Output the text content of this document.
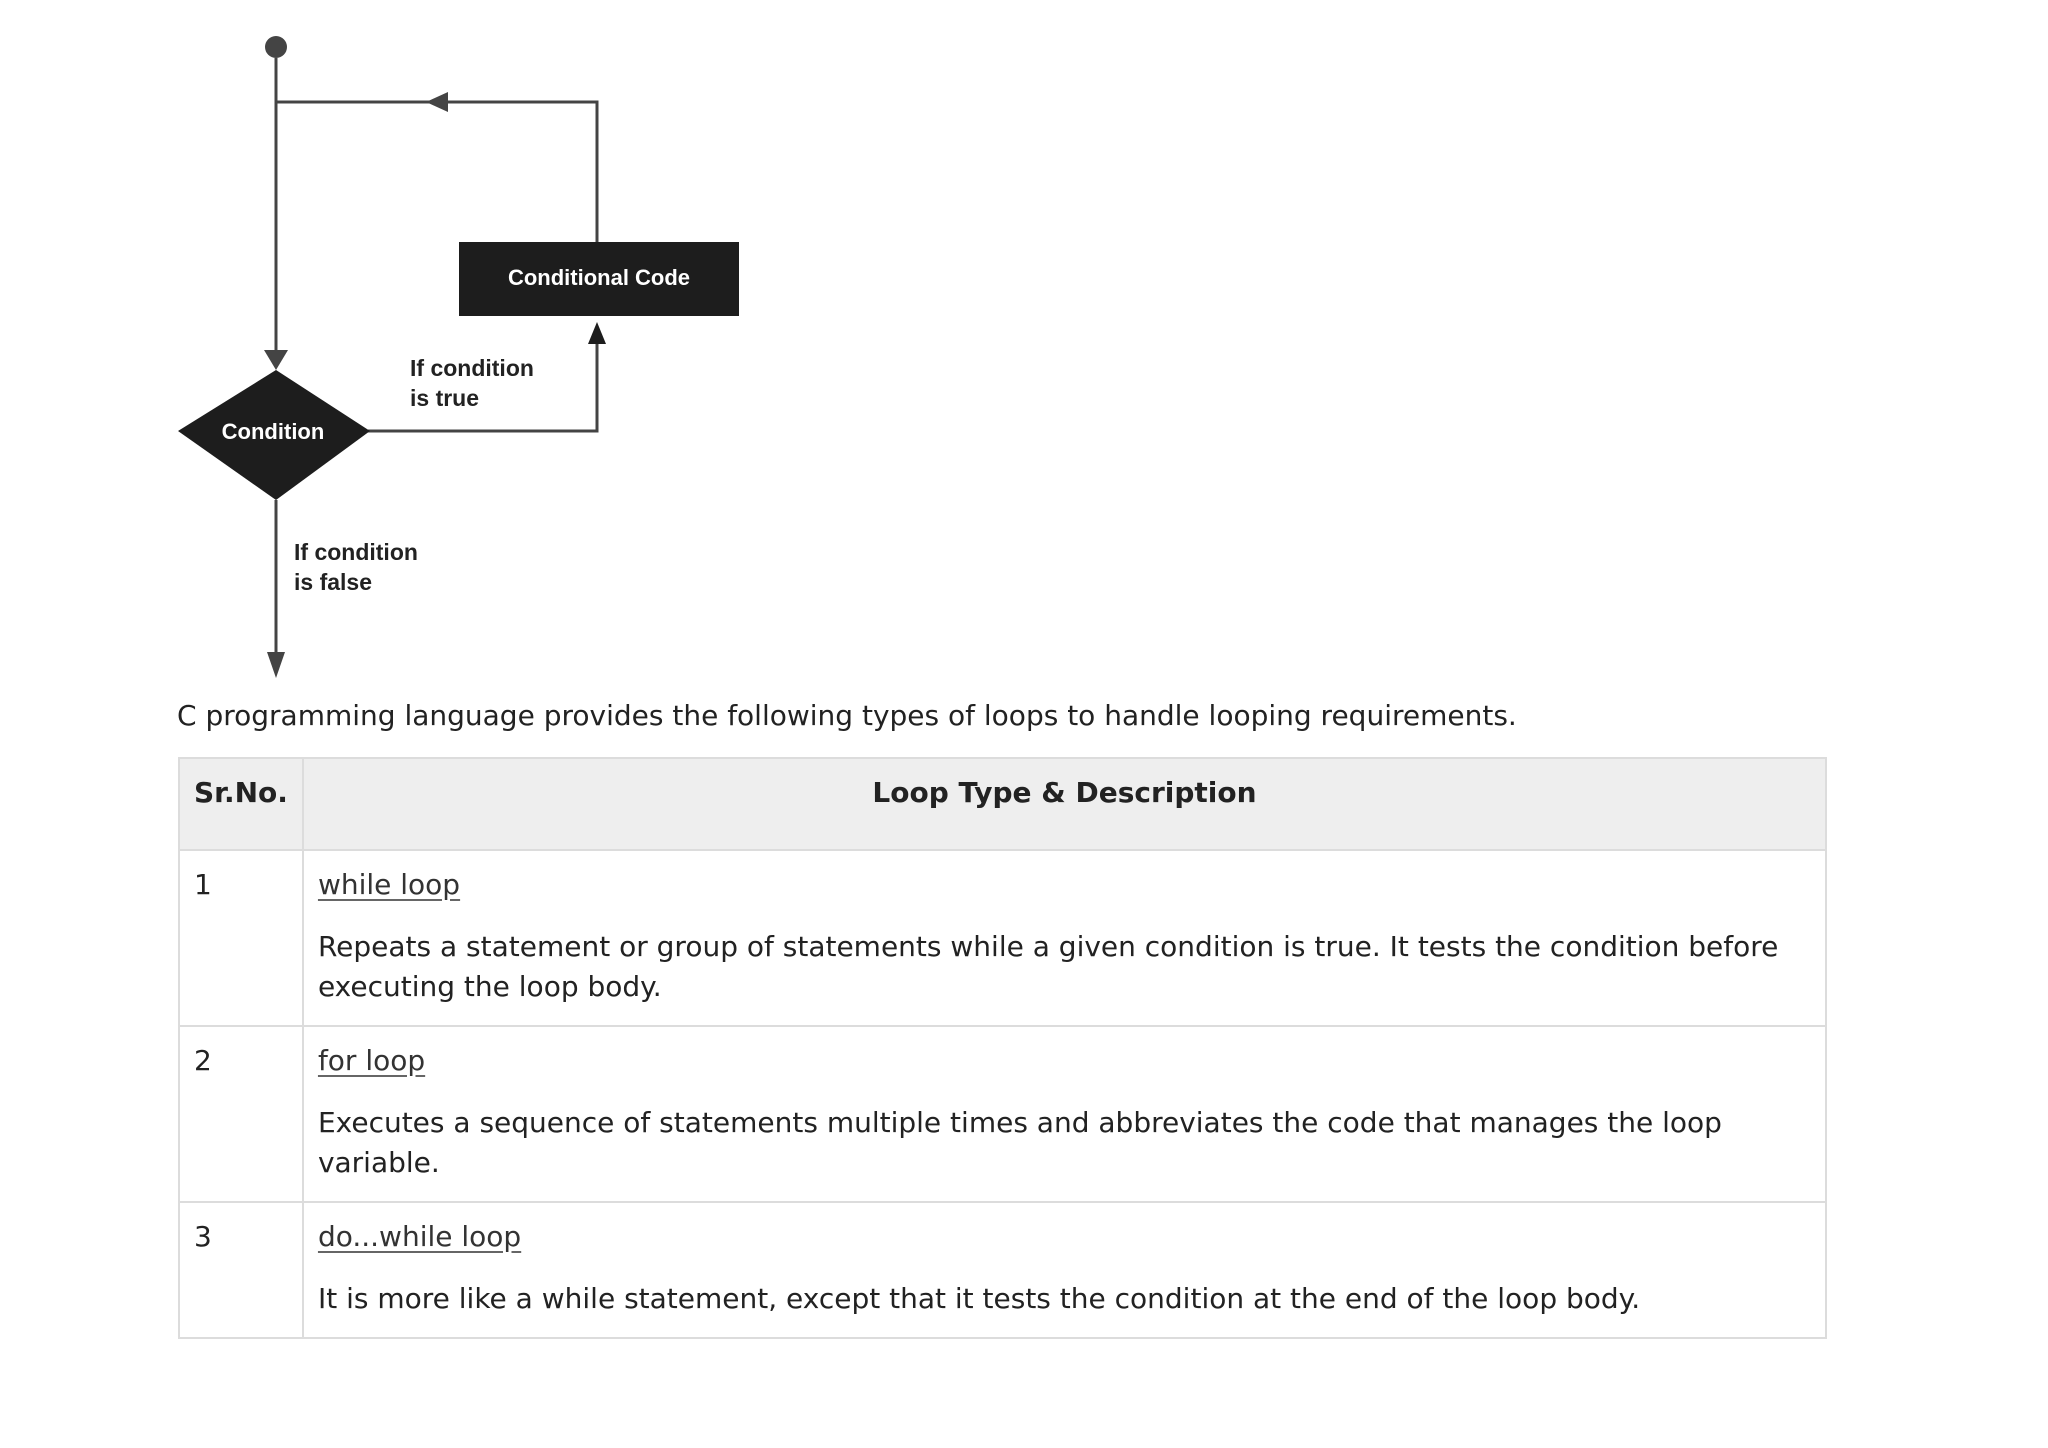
Conditional Code
If condition
is true
Condition
If condition
is false

C programming language provides the following types of loops to handle looping requirements.

Sr.No.	Loop Type & Description
1	while loop

Repeats a statement or group of statements while a given condition is true. It tests the condition before executing the loop body.

2	for loop

Executes a sequence of statements multiple times and abbreviates the code that manages the loop variable.

3	do...while loop

It is more like a while statement, except that it tests the condition at the end of the loop body.
